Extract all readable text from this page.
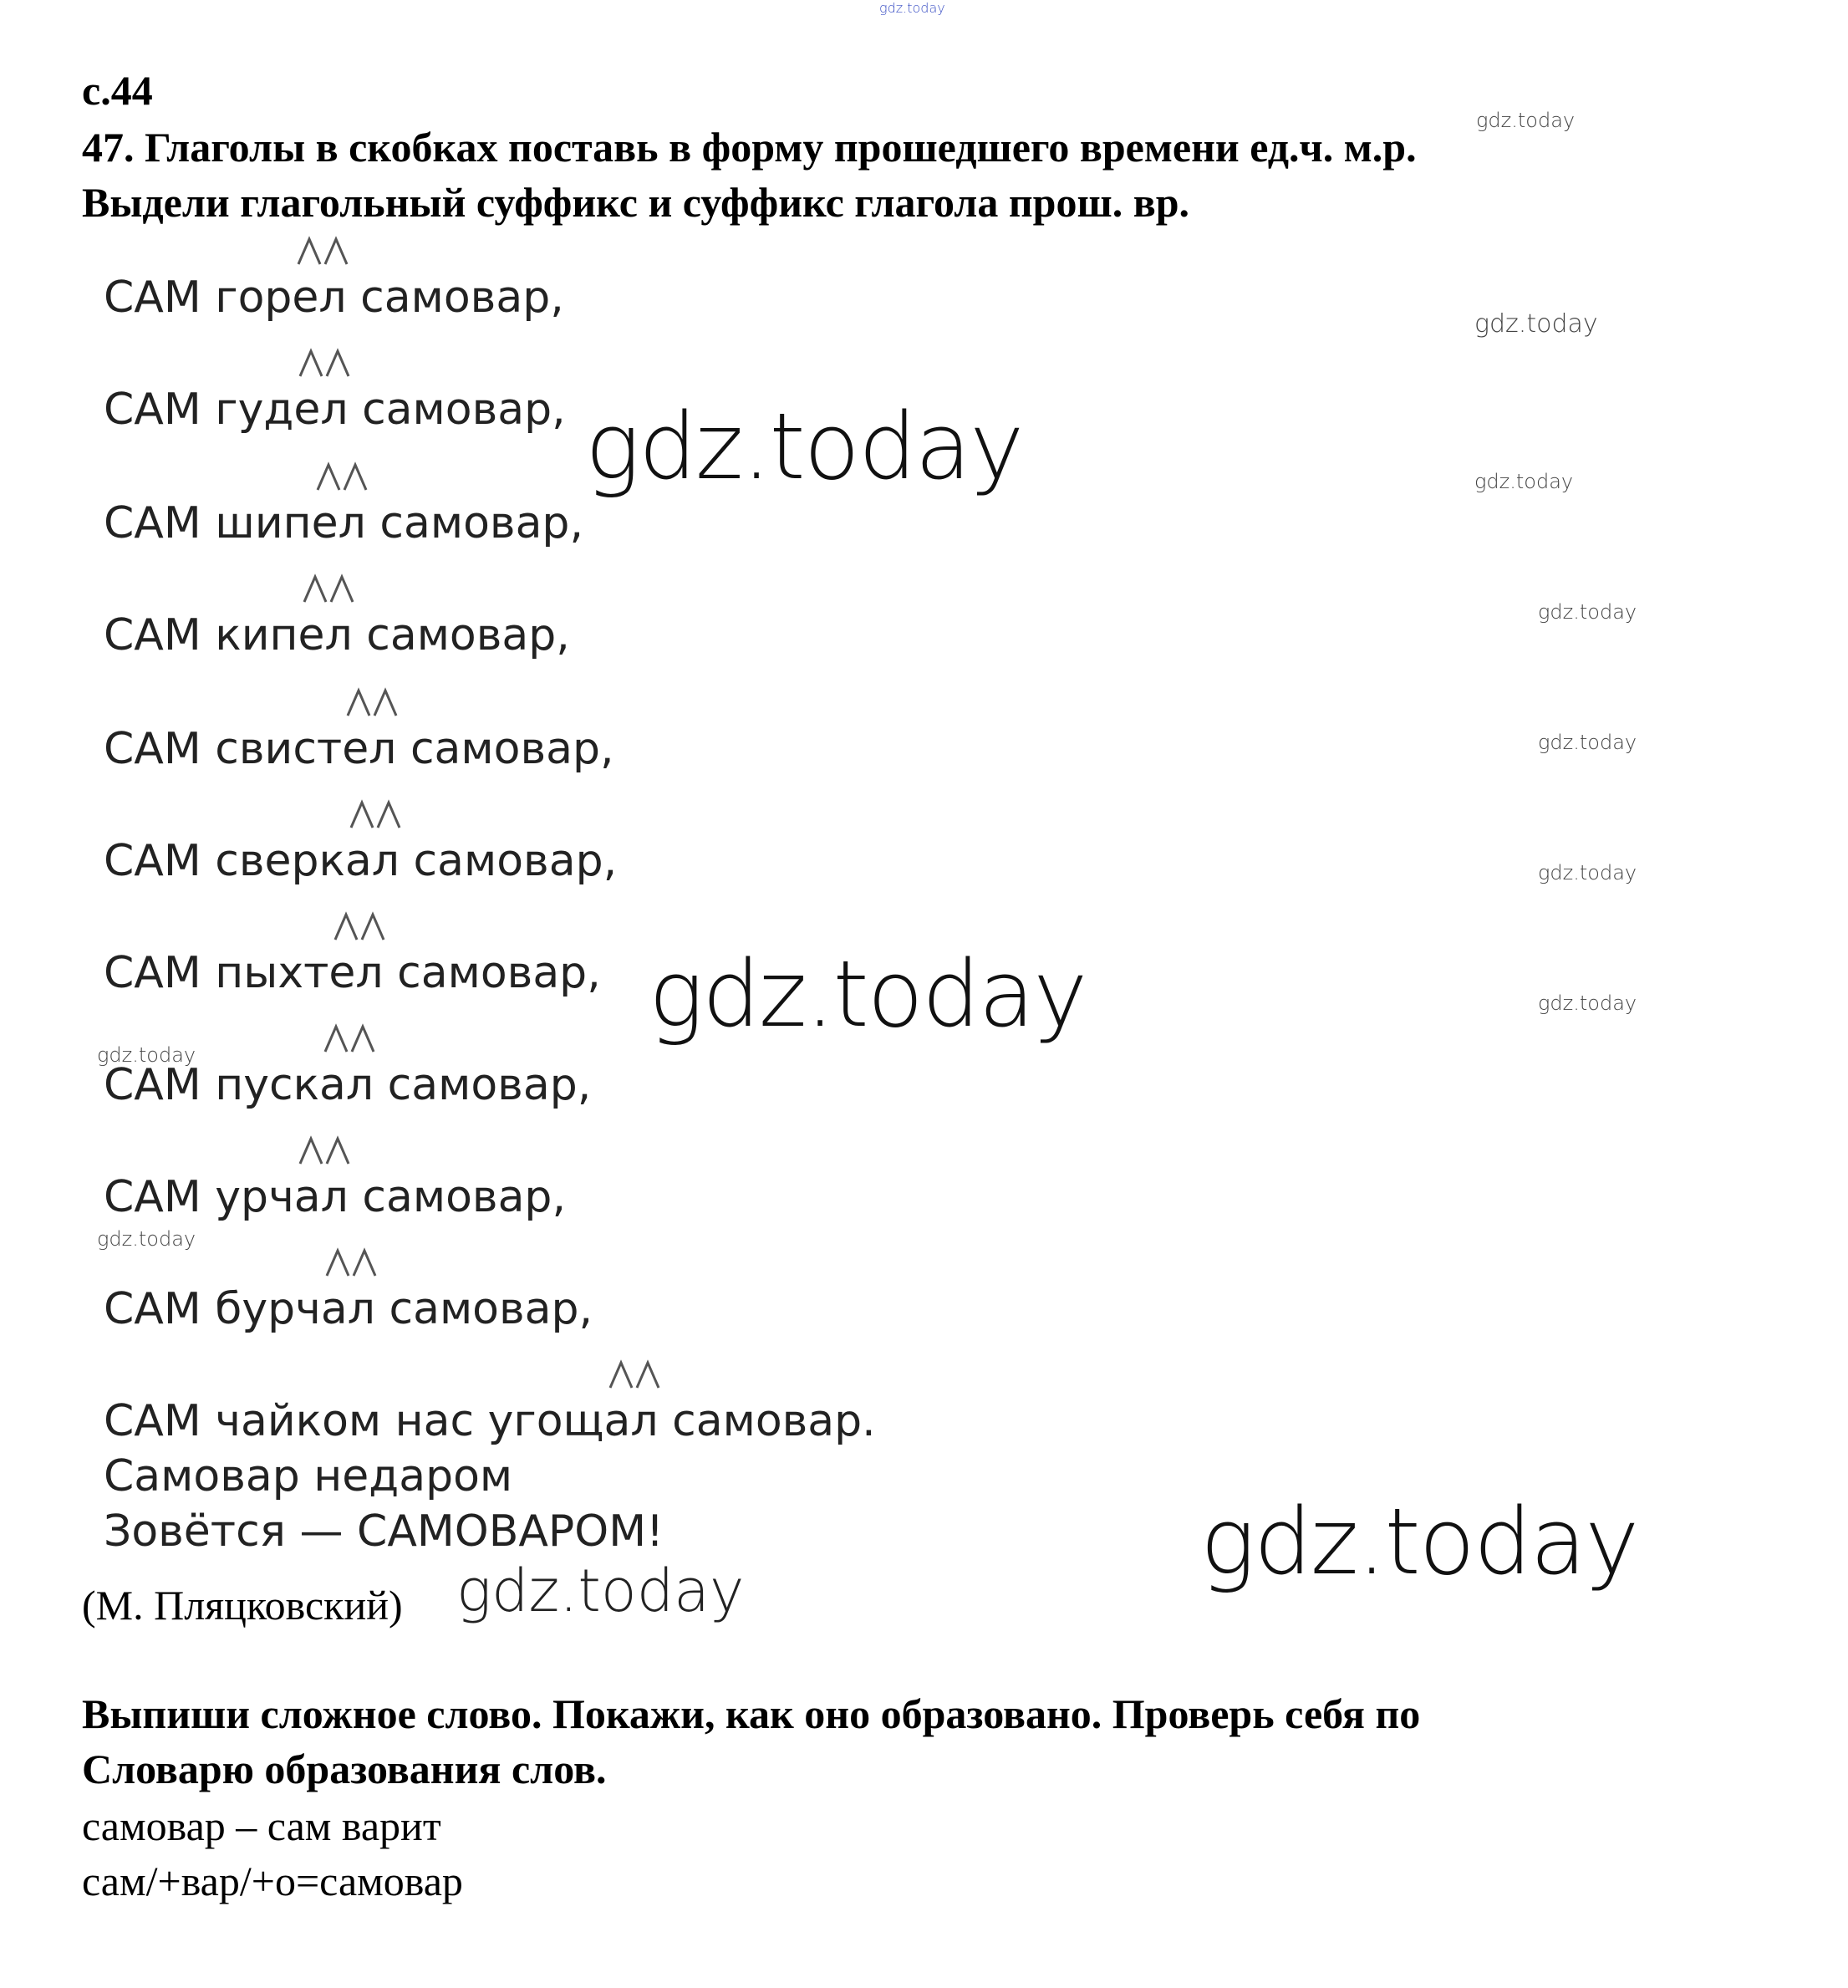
с.44
47. Глаголы в скобках поставь в форму прошедшего времени ед.ч. м.р.
Выдели глагольный суффикс и суффикс глагола прош. вр.
САМ горел
самовар,
САМ гудел
самовар,
САМ шипел
самовар,
САМ кипел
самовар,
САМ свистел
самовар,
САМ сверкал
самовар,
САМ пыхтел
самовар,
САМ пускал
самовар,
САМ урчал
самовар,
САМ бурчал
самовар,
САМ чайком нас угощал
самовар.
Самовар недаром
Зовётся — САМОВАРОМ!
(М. Пляцковский)
Выпиши сложное слово. Покажи, как оно образовано. Проверь себя по
Словарю образования слов.
самовар – сам варит
сам/+вар/+о=самовар
gdz.today
gdz.today
gdz.today
gdz.today	gdz.today
gdz.today
gdz.today
gdz.today
gdz.today	gdz.today
gdz.today
gdz.today
gdz.today
gdz.today
